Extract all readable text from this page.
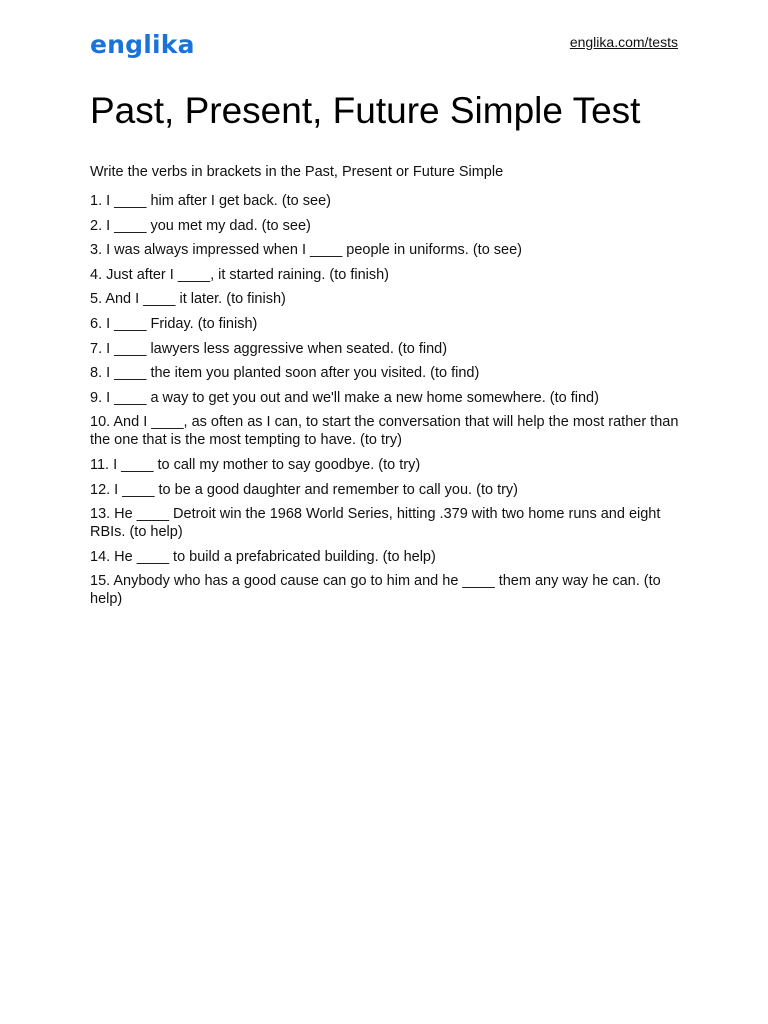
englika	englika.com/tests
Past, Present, Future Simple Test

Write the verbs in brackets in the Past, Present or Future Simple

1. I ____ him after I get back. (to see)
2. I ____ you met my dad. (to see)
3. I was always impressed when I ____ people in uniforms. (to see)
4. Just after I ____, it started raining. (to finish)
5. And I ____ it later. (to finish)
6. I ____ Friday. (to finish)
7. I ____ lawyers less aggressive when seated. (to find)
8. I ____ the item you planted soon after you visited. (to find)
9. I ____ a way to get you out and we'll make a new home somewhere. (to find)
10. And I ____, as often as I can, to start the conversation that will help the most rather than the one that is the most tempting to have. (to try)
11. I ____ to call my mother to say goodbye. (to try)
12. I ____ to be a good daughter and remember to call you. (to try)
13. He ____ Detroit win the 1968 World Series, hitting .379 with two home runs and eight RBIs. (to help)
14. He ____ to build a prefabricated building. (to help)
15. Anybody who has a good cause can go to him and he ____ them any way he can. (to help)
